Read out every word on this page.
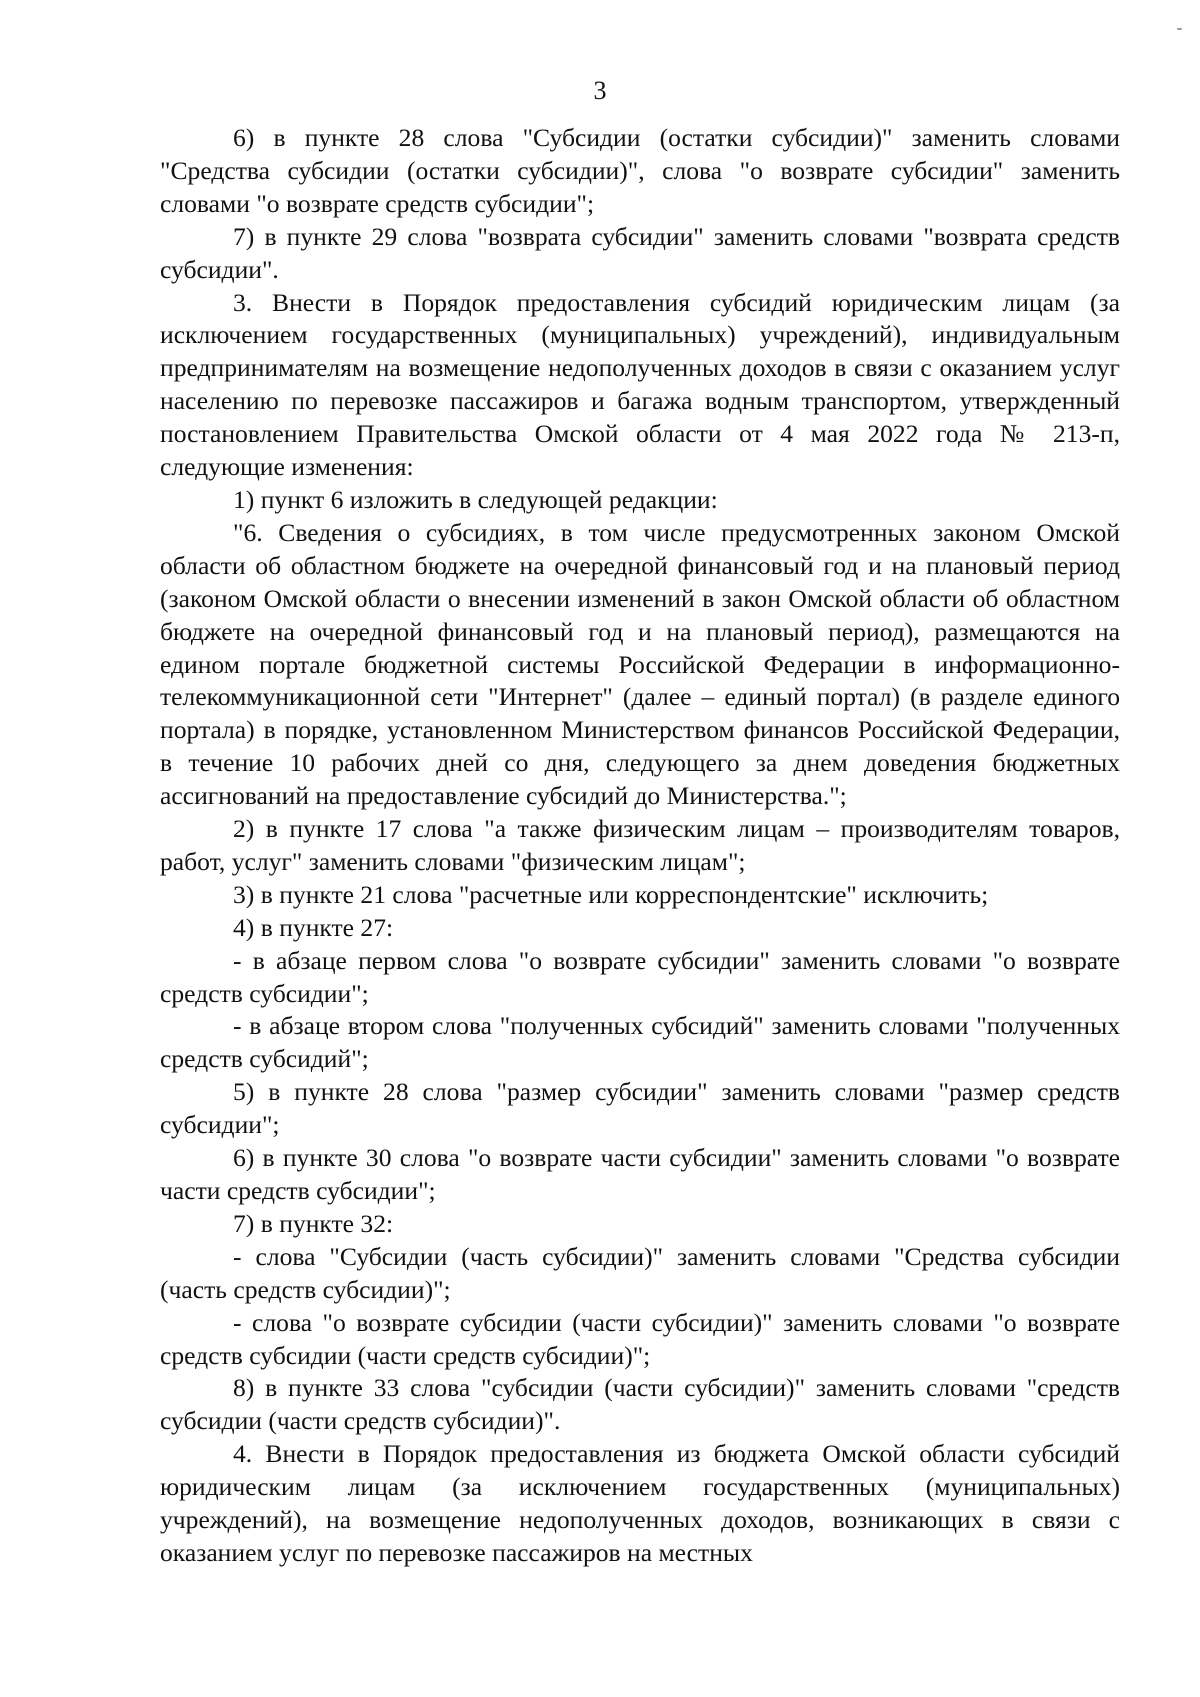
3

6) в пункте 28 слова "Субсидии (остатки субсидии)" заменить словами "Средства субсидии (остатки субсидии)", слова "о возврате субсидии" заменить словами "о возврате средств субсидии";

7) в пункте 29 слова "возврата субсидии" заменить словами "возврата средств субсидии".

3. Внести в Порядок предоставления субсидий юридическим лицам (за исключением государственных (муниципальных) учреждений), индивидуальным предпринимателям на возмещение недополученных доходов в связи с оказанием услуг населению по перевозке пассажиров и багажа водным транспортом, утвержденный постановлением Правительства Омской области от 4 мая 2022 года № 213-п, следующие изменения:

1) пункт 6 изложить в следующей редакции:

"6. Сведения о субсидиях, в том числе предусмотренных законом Омской области об областном бюджете на очередной финансовый год и на плановый период (законом Омской области о внесении изменений в закон Омской области об областном бюджете на очередной финансовый год и на плановый период), размещаются на едином портале бюджетной системы Российской Федерации в информационно-телекоммуникационной сети "Интернет" (далее – единый портал) (в разделе единого портала) в порядке, установленном Министерством финансов Российской Федерации, в течение 10 рабочих дней со дня, следующего за днем доведения бюджетных ассигнований на предоставление субсидий до Министерства.";

2) в пункте 17 слова "а также физическим лицам – производителям товаров, работ, услуг" заменить словами "физическим лицам";

3) в пункте 21 слова "расчетные или корреспондентские" исключить;

4) в пункте 27:

- в абзаце первом слова "о возврате субсидии" заменить словами "о возврате средств субсидии";

- в абзаце втором слова "полученных субсидий" заменить словами "полученных средств субсидий";

5) в пункте 28 слова "размер субсидии" заменить словами "размер средств субсидии";

6) в пункте 30 слова "о возврате части субсидии" заменить словами "о возврате части средств субсидии";

7) в пункте 32:

- слова "Субсидии (часть субсидии)" заменить словами "Средства субсидии (часть средств субсидии)";

- слова "о возврате субсидии (части субсидии)" заменить словами "о возврате средств субсидии (части средств субсидии)";

8) в пункте 33 слова "субсидии (части субсидии)" заменить словами "средств субсидии (части средств субсидии)".

4. Внести в Порядок предоставления из бюджета Омской области субсидий юридическим лицам (за исключением государственных (муниципальных) учреждений), на возмещение недополученных доходов, возникающих в связи с оказанием услуг по перевозке пассажиров на местных
